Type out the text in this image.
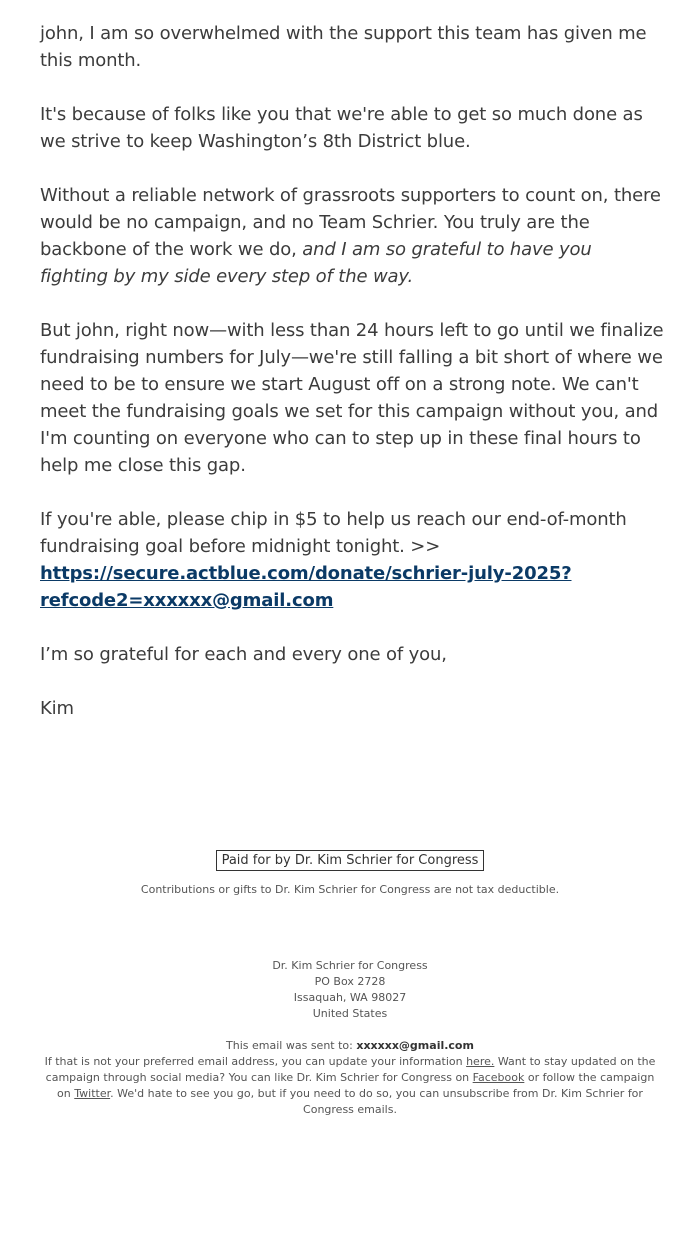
john, I am so overwhelmed with the support this team has given me this month.

It's because of folks like you that we're able to get so much done as we strive to keep Washington’s 8th District blue.

Without a reliable network of grassroots supporters to count on, there would be no campaign, and no Team Schrier. You truly are the backbone of the work we do, and I am so grateful to have you fighting by my side every step of the way.

But john, right now—with less than 24 hours left to go until we finalize fundraising numbers for July—we're still falling a bit short of where we need to be to ensure we start August off on a strong note. We can't meet the fundraising goals we set for this campaign without you, and I'm counting on everyone who can to step up in these final hours to help me close this gap.

If you're able, please chip in $5 to help us reach our end-of-month fundraising goal before midnight tonight. >>
https://secure.actblue.com/donate/schrier-july-2025?
refcode2=xxxxxx@gmail.com

I’m so grateful for each and every one of you,

Kim

Paid for by Dr. Kim Schrier for Congress
Contributions or gifts to Dr. Kim Schrier for Congress are not tax deductible.
Dr. Kim Schrier for Congress
PO Box 2728
Issaquah, WA 98027
United States
This email was sent to: xxxxxx@gmail.com
If that is not your preferred email address, you can update your information here. Want to stay updated on the campaign through social media? You can like Dr. Kim Schrier for Congress on Facebook or follow the campaign on Twitter. We'd hate to see you go, but if you need to do so, you can unsubscribe from Dr. Kim Schrier for Congress emails.
